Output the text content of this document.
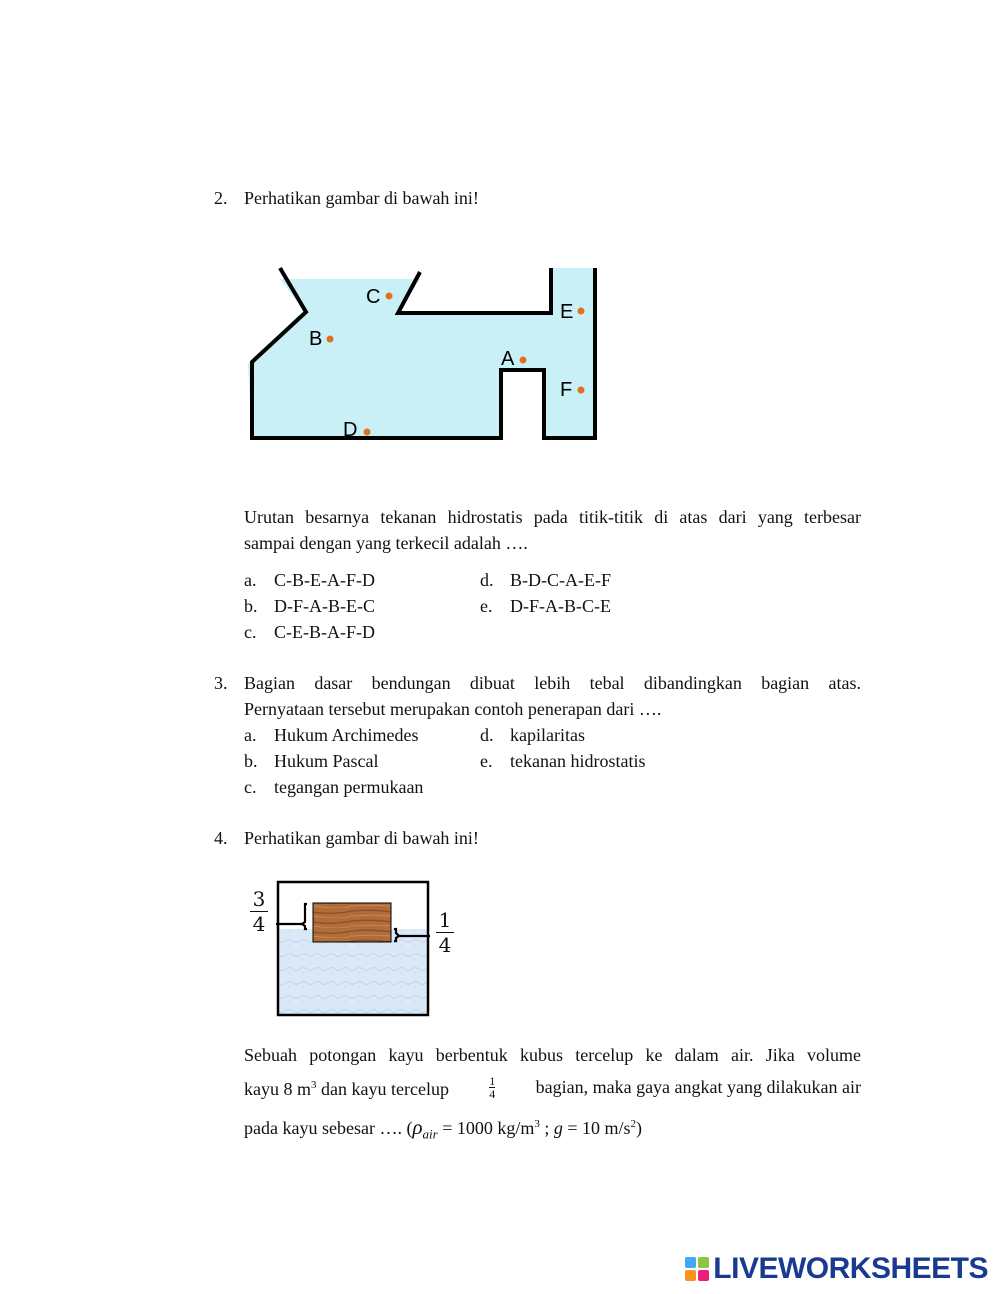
2. Perhatikan gambar di bawah ini!
C
B
E
A
F
D
Urutan besarnya tekanan hidrostatis pada titik-titik di atas dari yang terbesar
sampai dengan yang terkecil adalah ….
a. C-B-E-A-F-D
b. D-F-A-B-E-C
c. C-E-B-A-F-D
d. B-D-C-A-E-F
e. D-F-A-B-C-E
3. Bagian dasar bendungan dibuat lebih tebal dibandingkan bagian atas.
Pernyataan tersebut merupakan contoh penerapan dari ….
a. Hukum Archimedes
b. Hukum Pascal
c. tegangan permukaan
d. kapilaritas
e. tekanan hidrostatis
4. Perhatikan gambar di bawah ini!
3
4	1
4
Sebuah potongan kayu berbentuk kubus tercelup ke dalam air. Jika volume
kayu 8 $m^3$ dan kayu tercelup	$\frac{1}{4}$ bagian, maka gaya angkat yang dilakukan air
pada kayu sebesar …. ($\rho_{air} = 1000$ $kg/m^3$ ; g = 10 $m/s^2$)
LIVEWORKSHEETS
